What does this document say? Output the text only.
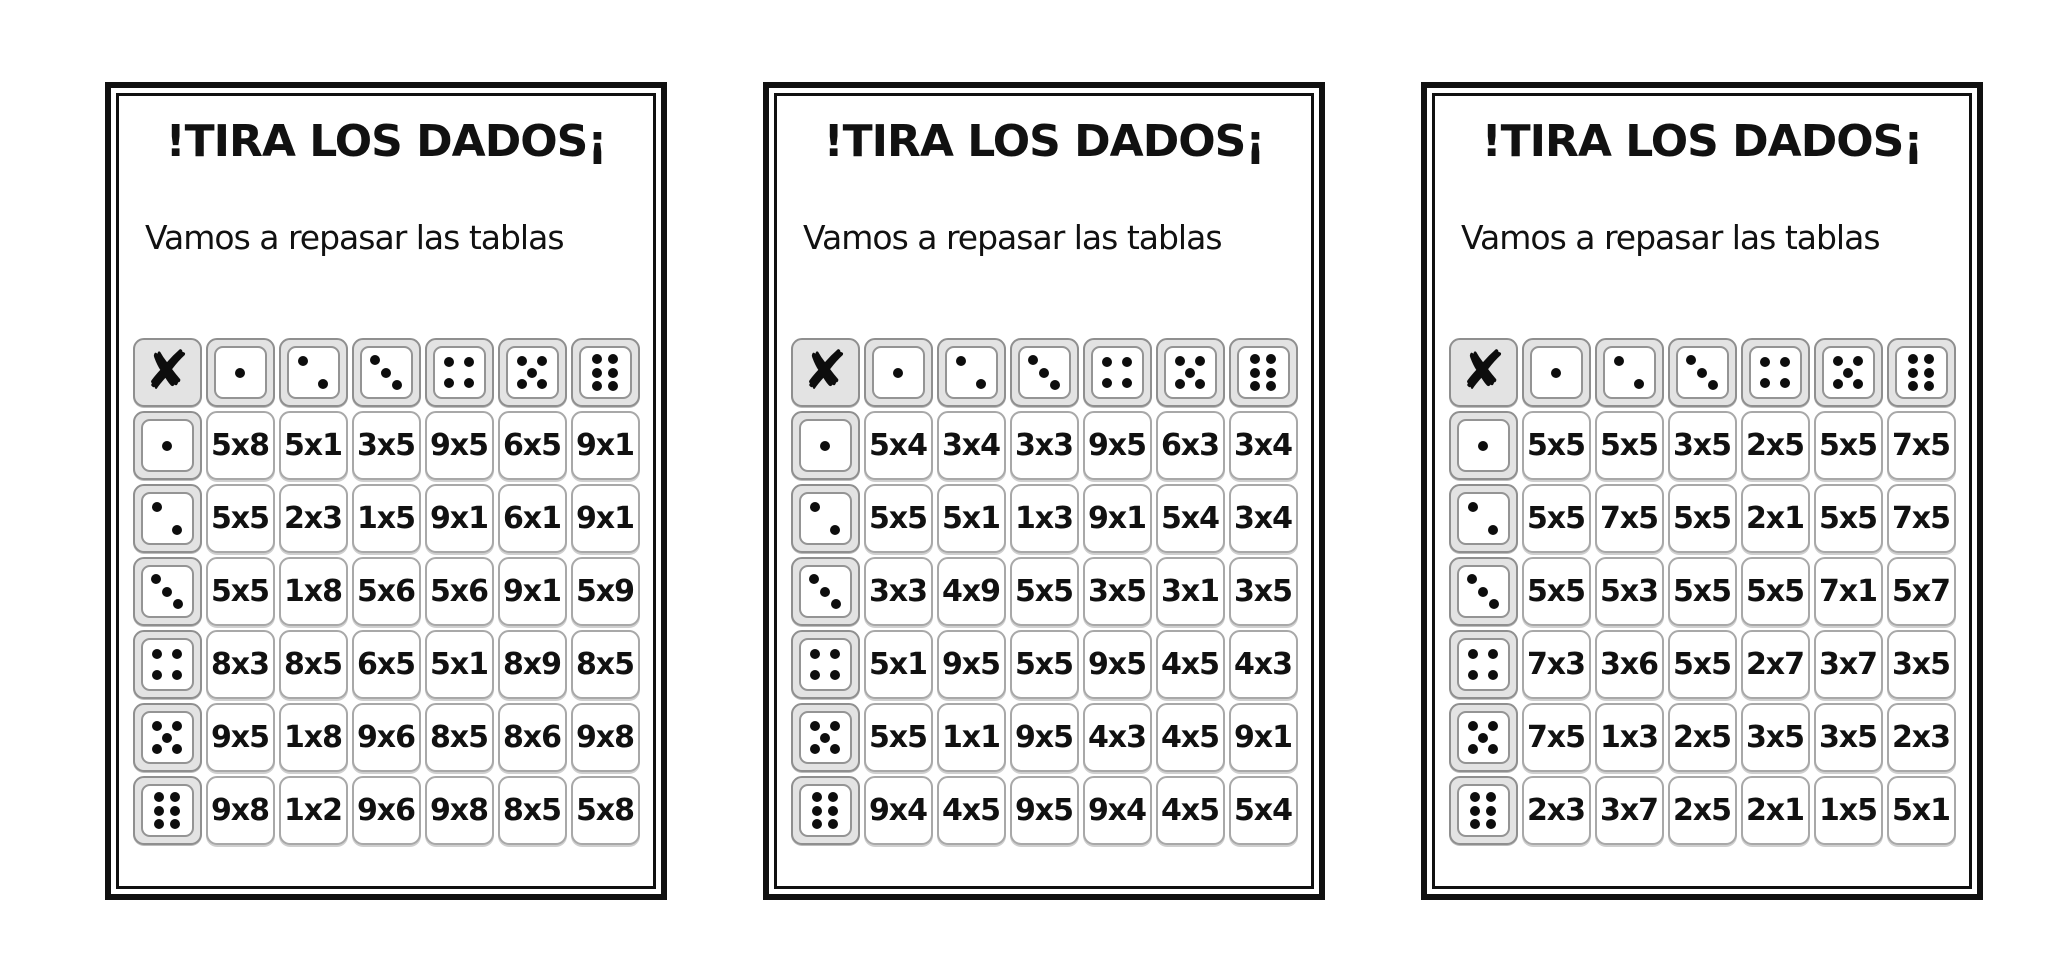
!TIRA LOS DADOS¡

Vamos a repasar las tablas

✘
5x8 5x1 3x5 9x5 6x5 9x1
5x5 2x3 1x5 9x1 6x1 9x1
5x5 1x8 5x6 5x6 9x1 5x9
8x3 8x5 6x5 5x1 8x9 8x5
9x5 1x8 9x6 8x5 8x6 9x8
9x8 1x2 9x6 9x8 8x5 5x8
!TIRA LOS DADOS¡

Vamos a repasar las tablas

✘
5x4 3x4 3x3 9x5 6x3 3x4
5x5 5x1 1x3 9x1 5x4 3x4
3x3 4x9 5x5 3x5 3x1 3x5
5x1 9x5 5x5 9x5 4x5 4x3
5x5 1x1 9x5 4x3 4x5 9x1
9x4 4x5 9x5 9x4 4x5 5x4
!TIRA LOS DADOS¡

Vamos a repasar las tablas

✘
5x5 5x5 3x5 2x5 5x5 7x5
5x5 7x5 5x5 2x1 5x5 7x5
5x5 5x3 5x5 5x5 7x1 5x7
7x3 3x6 5x5 2x7 3x7 3x5
7x5 1x3 2x5 3x5 3x5 2x3
2x3 3x7 2x5 2x1 1x5 5x1
